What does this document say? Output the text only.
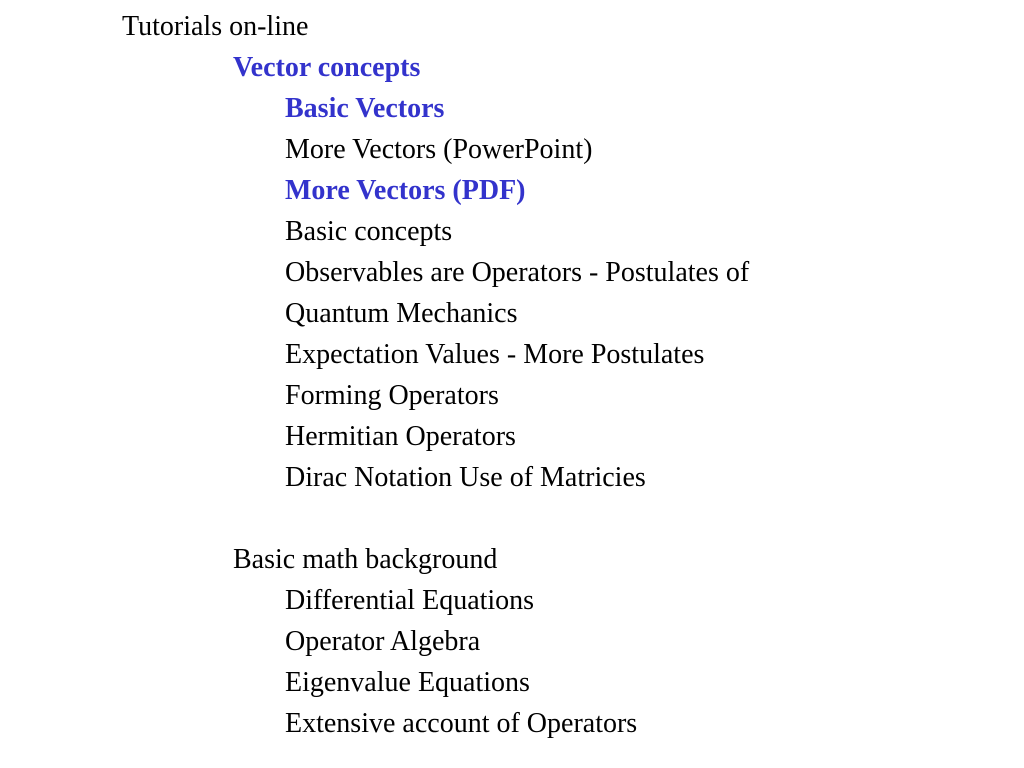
Tutorials on-line
Vector concepts
Basic Vectors
More Vectors (PowerPoint)
More Vectors (PDF)
Basic concepts
Observables are Operators - Postulates of
Quantum Mechanics
Expectation Values - More Postulates
Forming Operators
Hermitian Operators
Dirac Notation Use of Matricies
Basic math background
Differential Equations
Operator Algebra
Eigenvalue Equations
Extensive account of Operators
